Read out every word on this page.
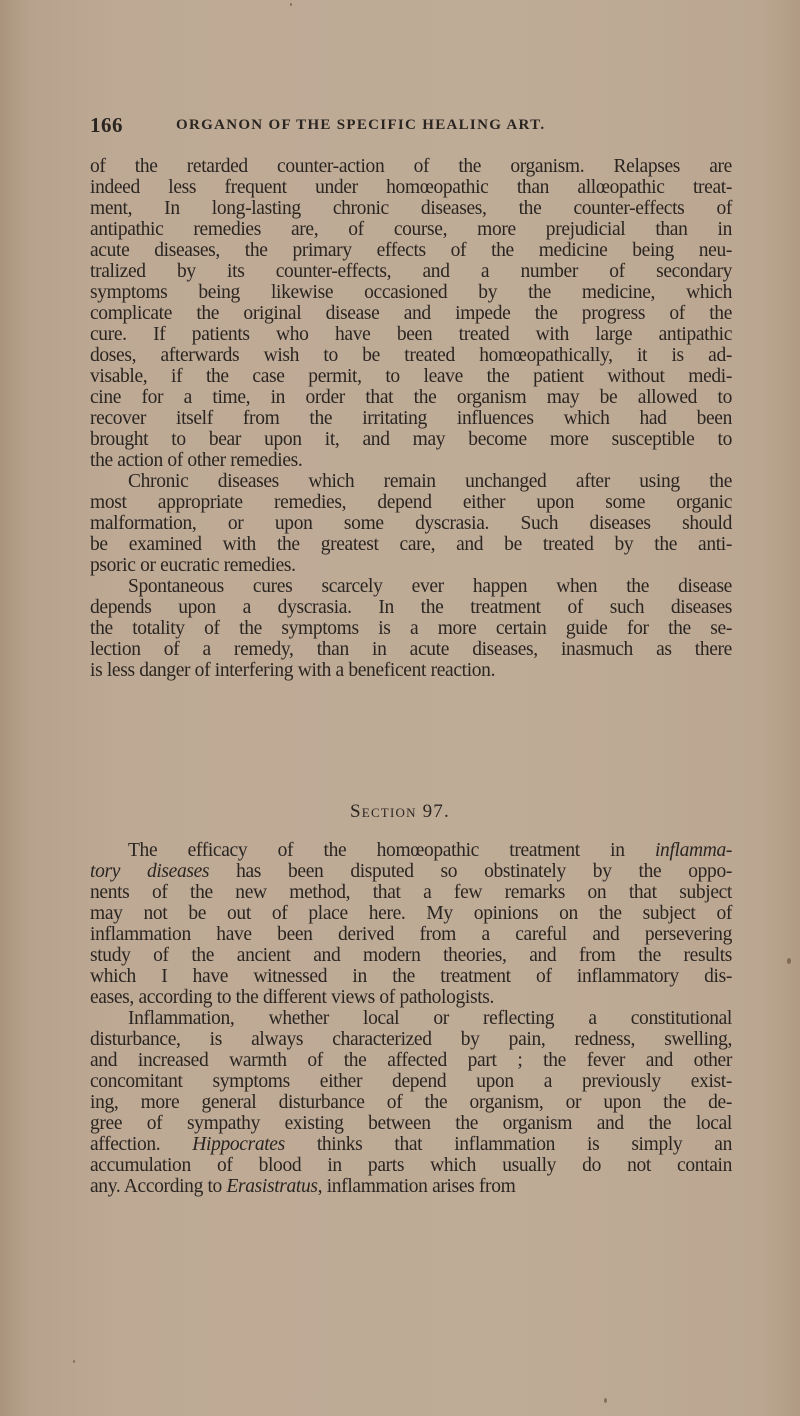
166	ORGANON OF THE SPECIFIC HEALING ART.
of the retarded counter-action of the organism. Relapses are
indeed less frequent under homœopathic than allœopathic treat-
ment, In long-lasting chronic diseases, the counter-effects of
antipathic remedies are, of course, more prejudicial than in
acute diseases, the primary effects of the medicine being neu-
tralized by its counter-effects, and a number of secondary
symptoms being likewise occasioned by the medicine, which
complicate the original disease and impede the progress of the
cure. If patients who have been treated with large antipathic
doses, afterwards wish to be treated homœopathically, it is ad-
visable, if the case permit, to leave the patient without medi-
cine for a time, in order that the organism may be allowed to
recover itself from the irritating influences which had been
brought to bear upon it, and may become more susceptible to
the action of other remedies.
Chronic diseases which remain unchanged after using the
most appropriate remedies, depend either upon some organic
malformation, or upon some dyscrasia. Such diseases should
be examined with the greatest care, and be treated by the anti-
psoric or eucratic remedies.
Spontaneous cures scarcely ever happen when the disease
depends upon a dyscrasia. In the treatment of such diseases
the totality of the symptoms is a more certain guide for the se-
lection of a remedy, than in acute diseases, inasmuch as there
is less danger of interfering with a beneficent reaction.
Section 97.
The efficacy of the homœopathic treatment in inflamma-
tory diseases has been disputed so obstinately by the oppo-
nents of the new method, that a few remarks on that subject
may not be out of place here. My opinions on the subject of
inflammation have been derived from a careful and persevering
study of the ancient and modern theories, and from the results
which I have witnessed in the treatment of inflammatory dis-
eases, according to the different views of pathologists.
Inflammation, whether local or reflecting a constitutional
disturbance, is always characterized by pain, redness, swelling,
and increased warmth of the affected part ; the fever and other
concomitant symptoms either depend upon a previously exist-
ing, more general disturbance of the organism, or upon the de-
gree of sympathy existing between the organism and the local
affection. Hippocrates thinks that inflammation is simply an
accumulation of blood in parts which usually do not contain
any. According to Erasistratus, inflammation arises from
